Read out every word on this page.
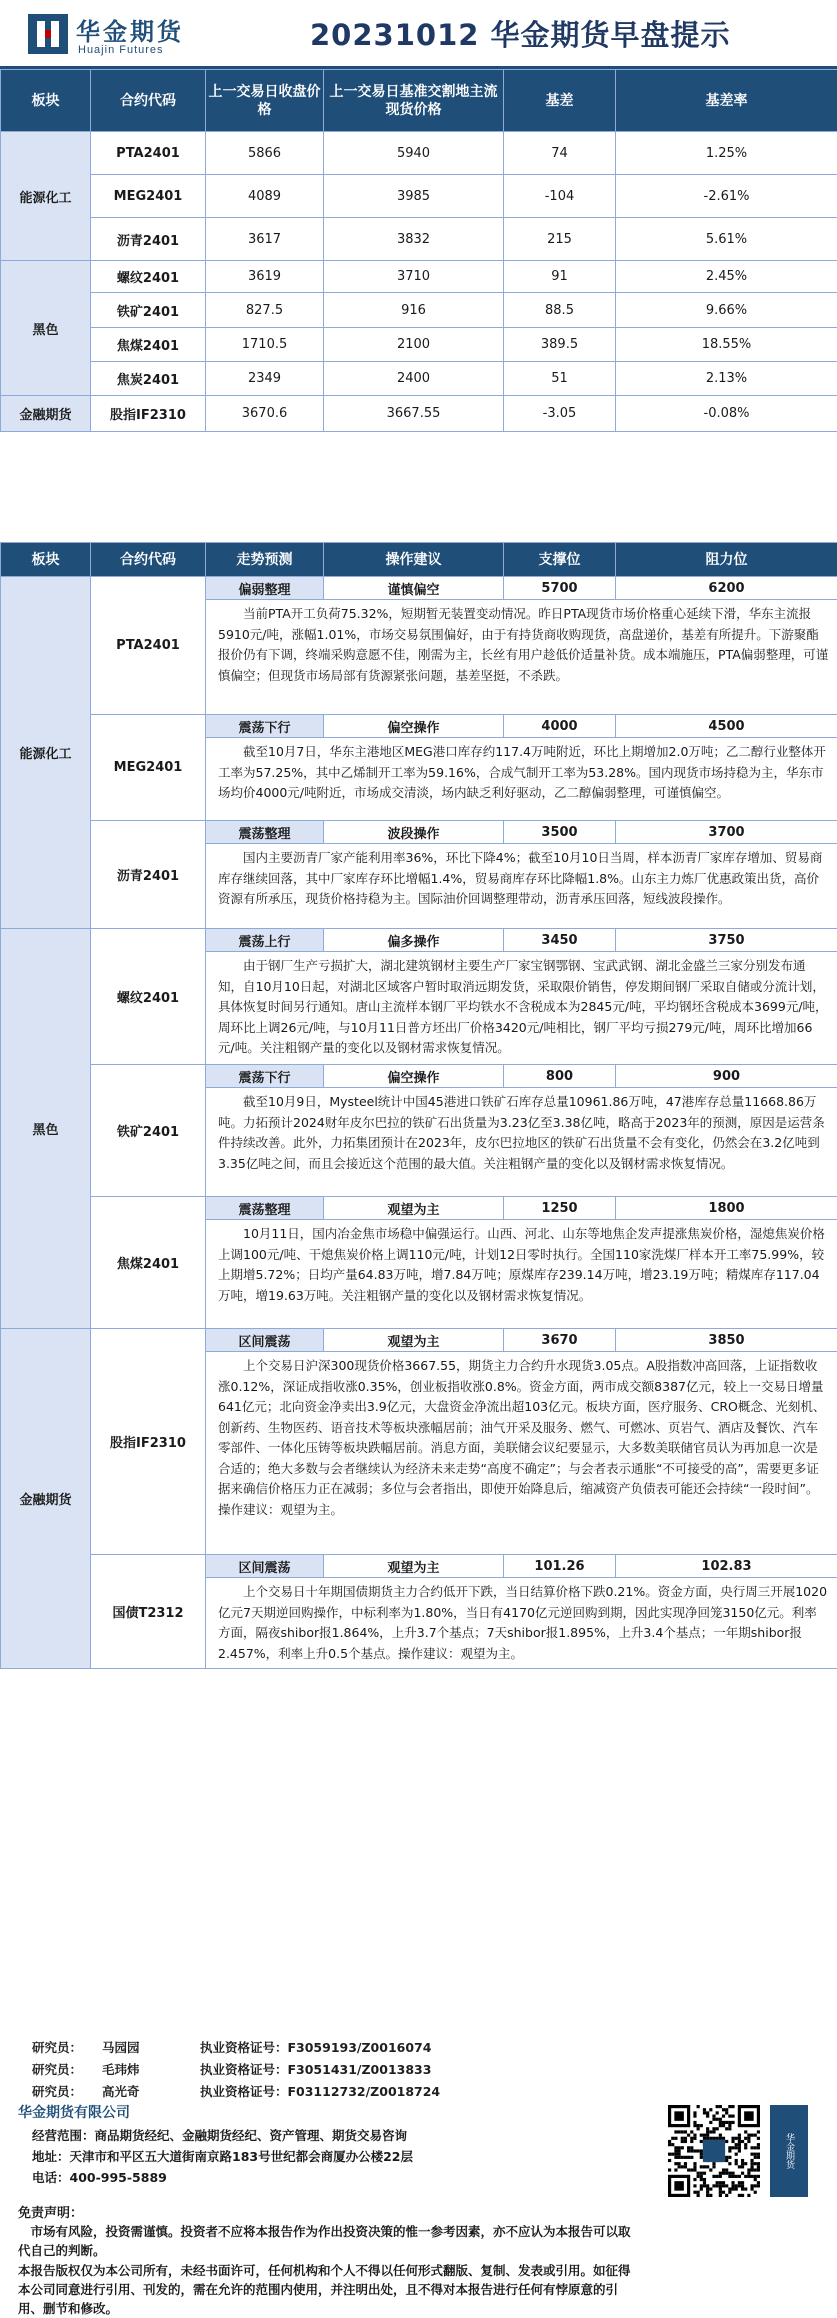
华金期货
Huajin Futures	20231012 华金期货早盘提示
板块	合约代码	上一交易日收盘价格	上一交易日基准交割地主流现货价格	基差	基差率
能源化工	PTA2401	5866	5940	74	1.25%
	MEG2401	4089	3985	-104	-2.61%
	沥青2401	3617	3832	215	5.61%
黑色	螺纹2401	3619	3710	91	2.45%
	铁矿2401	827.5	916	88.5	9.66%
	焦煤2401	1710.5	2100	389.5	18.55%
	焦炭2401	2349	2400	51	2.13%
金融期货	股指IF2310	3670.6	3667.55	-3.05	-0.08%
板块	合约代码	走势预测	操作建议	支撑位	阻力位
能源化工	PTA2401	偏弱整理	谨慎偏空	5700	6200
		当前PTA开工负荷75.32%，短期暂无装置变动情况。昨日PTA现货市场价格重心延续下滑，华东主流报5910元/吨，涨幅1.01%，市场交易氛围偏好，由于有持货商收购现货，高盘递价，基差有所提升。下游聚酯报价仍有下调，终端采购意愿不佳，刚需为主，长丝有用户趁低价适量补货。成本端施压，PTA偏弱整理，可谨慎偏空；但现货市场局部有货源紧张问题，基差坚挺，不杀跌。			
	MEG2401	震荡下行	偏空操作	4000	4500
		截至10月7日，华东主港地区MEG港口库存约117.4万吨附近，环比上期增加2.0万吨；乙二醇行业整体开工率为57.25%，其中乙烯制开工率为59.16%，合成气制开工率为53.28%。国内现货市场持稳为主，华东市场均价4000元/吨附近，市场成交清淡，场内缺乏利好驱动，乙二醇偏弱整理，可谨慎偏空。			
	沥青2401	震荡整理	波段操作	3500	3700
		国内主要沥青厂家产能利用率36%，环比下降4%；截至10月10日当周，样本沥青厂家库存增加、贸易商库存继续回落，其中厂家库存环比增幅1.4%，贸易商库存环比降幅1.8%。山东主力炼厂优惠政策出货，高价资源有所承压，现货价格持稳为主。国际油价回调整理带动，沥青承压回落，短线波段操作。			
黑色	螺纹2401	震荡上行	偏多操作	3450	3750
		由于钢厂生产亏损扩大，湖北建筑钢材主要生产厂家宝钢鄂钢、宝武武钢、湖北金盛兰三家分别发布通知，自10月10日起，对湖北区域客户暂时取消远期发货，采取限价销售，停发期间钢厂采取自储或分流计划，具体恢复时间另行通知。唐山主流样本钢厂平均铁水不含税成本为2845元/吨，平均钢坯含税成本3699元/吨，周环比上调26元/吨，与10月11日普方坯出厂价格3420元/吨相比，钢厂平均亏损279元/吨，周环比增加66元/吨。关注粗钢产量的变化以及钢材需求恢复情况。			
	铁矿2401	震荡下行	偏空操作	800	900
		截至10月9日，Mysteel统计中国45港进口铁矿石库存总量10961.86万吨，47港库存总量11668.86万吨。力拓预计2024财年皮尔巴拉的铁矿石出货量为3.23亿至3.38亿吨，略高于2023年的预测，原因是运营条件持续改善。此外，力拓集团预计在2023年，皮尔巴拉地区的铁矿石出货量不会有变化，仍然会在3.2亿吨到3.35亿吨之间，而且会接近这个范围的最大值。关注粗钢产量的变化以及钢材需求恢复情况。			
	焦煤2401	震荡整理	观望为主	1250	1800
		10月11日，国内冶金焦市场稳中偏强运行。山西、河北、山东等地焦企发声提涨焦炭价格，湿熄焦炭价格上调100元/吨、干熄焦炭价格上调110元/吨，计划12日零时执行。全国110家洗煤厂样本开工率75.99%，较上期增5.72%；日均产量64.83万吨，增7.84万吨；原煤库存239.14万吨，增23.19万吨；精煤库存117.04万吨，增19.63万吨。关注粗钢产量的变化以及钢材需求恢复情况。			
金融期货	股指IF2310	区间震荡	观望为主	3670	3850
		上个交易日沪深300现货价格3667.55，期货主力合约升水现货3.05点。A股指数冲高回落，上证指数收涨0.12%，深证成指收涨0.35%，创业板指收涨0.8%。资金方面，两市成交额8387亿元，较上一交易日增量641亿元；北向资金净卖出3.9亿元，大盘资金净流出超103亿元。板块方面，医疗服务、CRO概念、光刻机、创新药、生物医药、语音技术等板块涨幅居前；油气开采及服务、燃气、可燃冰、页岩气、酒店及餐饮、汽车零部件、一体化压铸等板块跌幅居前。消息方面，美联储会议纪要显示，大多数美联储官员认为再加息一次是合适的；绝大多数与会者继续认为经济未来走势“高度不确定”；与会者表示通胀“不可接受的高”，需要更多证据来确信价格压力正在减弱；多位与会者指出，即使开始降息后，缩减资产负债表可能还会持续“一段时间”。操作建议：观望为主。			
	国债T2312	区间震荡	观望为主	101.26	102.83
		上个交易日十年期国债期货主力合约低开下跌，当日结算价格下跌0.21%。资金方面，央行周三开展1020亿元7天期逆回购操作，中标利率为1.80%，当日有4170亿元逆回购到期，因此实现净回笼3150亿元。利率方面，隔夜shibor报1.864%，上升3.7个基点；7天shibor报1.895%，上升3.4个基点；一年期shibor报2.457%，利率上升0.5个基点。操作建议：观望为主。			
研究员： 马园园	执业资格证号：F3059193/Z0016074
研究员： 毛玮炜	执业资格证号：F3051431/Z0013833
研究员： 高光奇	执业资格证号：F03112732/Z0018724
华金期货有限公司
经营范围：商品期货经纪、金融期货经纪、资产管理、期货交易咨询
地址：天津市和平区五大道街南京路183号世纪都会商厦办公楼22层
电话：400-995-5889
免责声明：
市场有风险，投资需谨慎。投资者不应将本报告作为作出投资决策的惟一参考因素，亦不应认为本报告可以取代自己的判断。
本报告版权仅为本公司所有，未经书面许可，任何机构和个人不得以任何形式翻版、复制、发表或引用。如征得本公司同意进行引用、刊发的，需在允许的范围内使用，并注明出处，且不得对本报告进行任何有悖原意的引用、删节和修改。
华金期货
